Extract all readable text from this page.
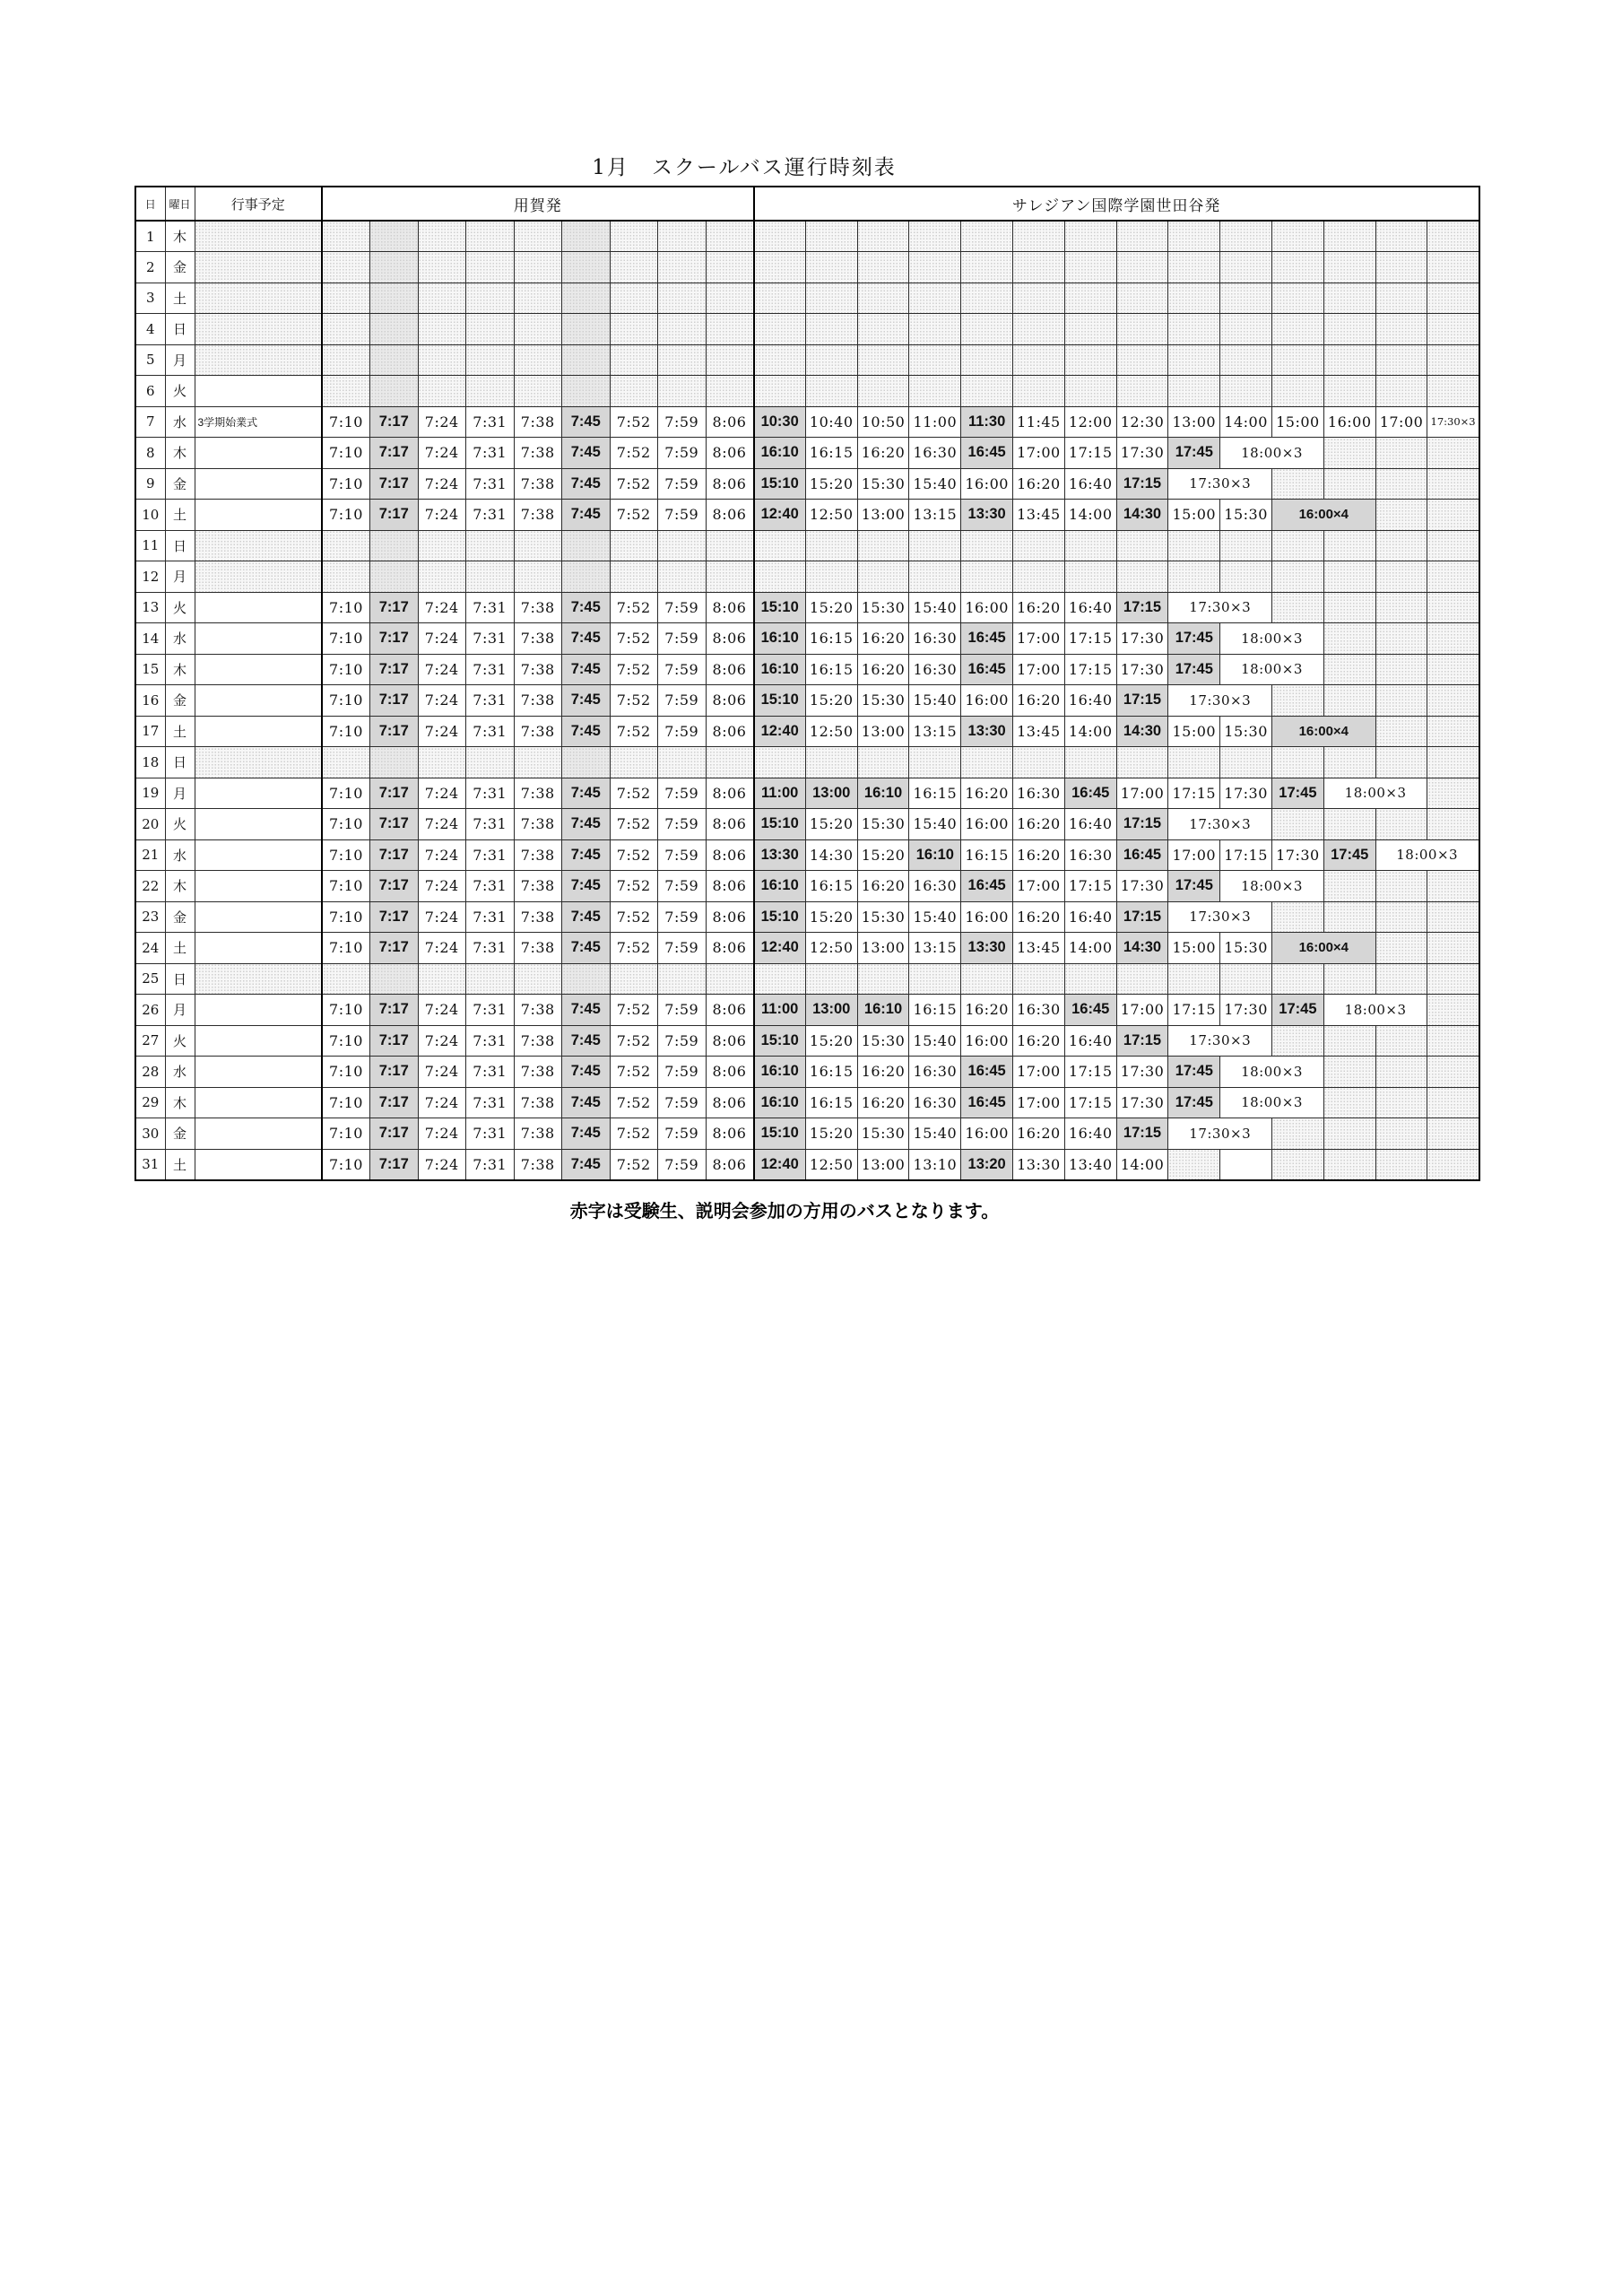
1月　スクールバス運行時刻表
日	曜日	行事予定	用賀発									サレジアン国際学園世田谷発													
1	木																								
2	金																								
3	土																								
4	日																								
5	月																								
6	火																								
7	水	3学期始業式	7:10	7:17	7:24	7:31	7:38	7:45	7:52	7:59	8:06	10:30	10:40	10:50	11:00	11:30	11:45	12:00	12:30	13:00	14:00	15:00	16:00	17:00	17:30×3
8	木		7:10	7:17	7:24	7:31	7:38	7:45	7:52	7:59	8:06	16:10	16:15	16:20	16:30	16:45	17:00	17:15	17:30	17:45	18:00×3				
9	金		7:10	7:17	7:24	7:31	7:38	7:45	7:52	7:59	8:06	15:10	15:20	15:30	15:40	16:00	16:20	16:40	17:15	17:30×3					
10	土		7:10	7:17	7:24	7:31	7:38	7:45	7:52	7:59	8:06	12:40	12:50	13:00	13:15	13:30	13:45	14:00	14:30	15:00	15:30	16:00×4			
11	日																								
12	月																								
13	火		7:10	7:17	7:24	7:31	7:38	7:45	7:52	7:59	8:06	15:10	15:20	15:30	15:40	16:00	16:20	16:40	17:15	17:30×3					
14	水		7:10	7:17	7:24	7:31	7:38	7:45	7:52	7:59	8:06	16:10	16:15	16:20	16:30	16:45	17:00	17:15	17:30	17:45	18:00×3				
15	木		7:10	7:17	7:24	7:31	7:38	7:45	7:52	7:59	8:06	16:10	16:15	16:20	16:30	16:45	17:00	17:15	17:30	17:45	18:00×3				
16	金		7:10	7:17	7:24	7:31	7:38	7:45	7:52	7:59	8:06	15:10	15:20	15:30	15:40	16:00	16:20	16:40	17:15	17:30×3					
17	土		7:10	7:17	7:24	7:31	7:38	7:45	7:52	7:59	8:06	12:40	12:50	13:00	13:15	13:30	13:45	14:00	14:30	15:00	15:30	16:00×4			
18	日																								
19	月		7:10	7:17	7:24	7:31	7:38	7:45	7:52	7:59	8:06	11:00	13:00	16:10	16:15	16:20	16:30	16:45	17:00	17:15	17:30	17:45	18:00×3		
20	火		7:10	7:17	7:24	7:31	7:38	7:45	7:52	7:59	8:06	15:10	15:20	15:30	15:40	16:00	16:20	16:40	17:15	17:30×3					
21	水		7:10	7:17	7:24	7:31	7:38	7:45	7:52	7:59	8:06	13:30	14:30	15:20	16:10	16:15	16:20	16:30	16:45	17:00	17:15	17:30	17:45	18:00×3	
22	木		7:10	7:17	7:24	7:31	7:38	7:45	7:52	7:59	8:06	16:10	16:15	16:20	16:30	16:45	17:00	17:15	17:30	17:45	18:00×3				
23	金		7:10	7:17	7:24	7:31	7:38	7:45	7:52	7:59	8:06	15:10	15:20	15:30	15:40	16:00	16:20	16:40	17:15	17:30×3					
24	土		7:10	7:17	7:24	7:31	7:38	7:45	7:52	7:59	8:06	12:40	12:50	13:00	13:15	13:30	13:45	14:00	14:30	15:00	15:30	16:00×4			
25	日																								
26	月		7:10	7:17	7:24	7:31	7:38	7:45	7:52	7:59	8:06	11:00	13:00	16:10	16:15	16:20	16:30	16:45	17:00	17:15	17:30	17:45	18:00×3		
27	火		7:10	7:17	7:24	7:31	7:38	7:45	7:52	7:59	8:06	15:10	15:20	15:30	15:40	16:00	16:20	16:40	17:15	17:30×3					
28	水		7:10	7:17	7:24	7:31	7:38	7:45	7:52	7:59	8:06	16:10	16:15	16:20	16:30	16:45	17:00	17:15	17:30	17:45	18:00×3				
29	木		7:10	7:17	7:24	7:31	7:38	7:45	7:52	7:59	8:06	16:10	16:15	16:20	16:30	16:45	17:00	17:15	17:30	17:45	18:00×3				
30	金		7:10	7:17	7:24	7:31	7:38	7:45	7:52	7:59	8:06	15:10	15:20	15:30	15:40	16:00	16:20	16:40	17:15	17:30×3					
31	土		7:10	7:17	7:24	7:31	7:38	7:45	7:52	7:59	8:06	12:40	12:50	13:00	13:10	13:20	13:30	13:40	14:00						
赤字は受験生、説明会参加の方用のバスとなります。
